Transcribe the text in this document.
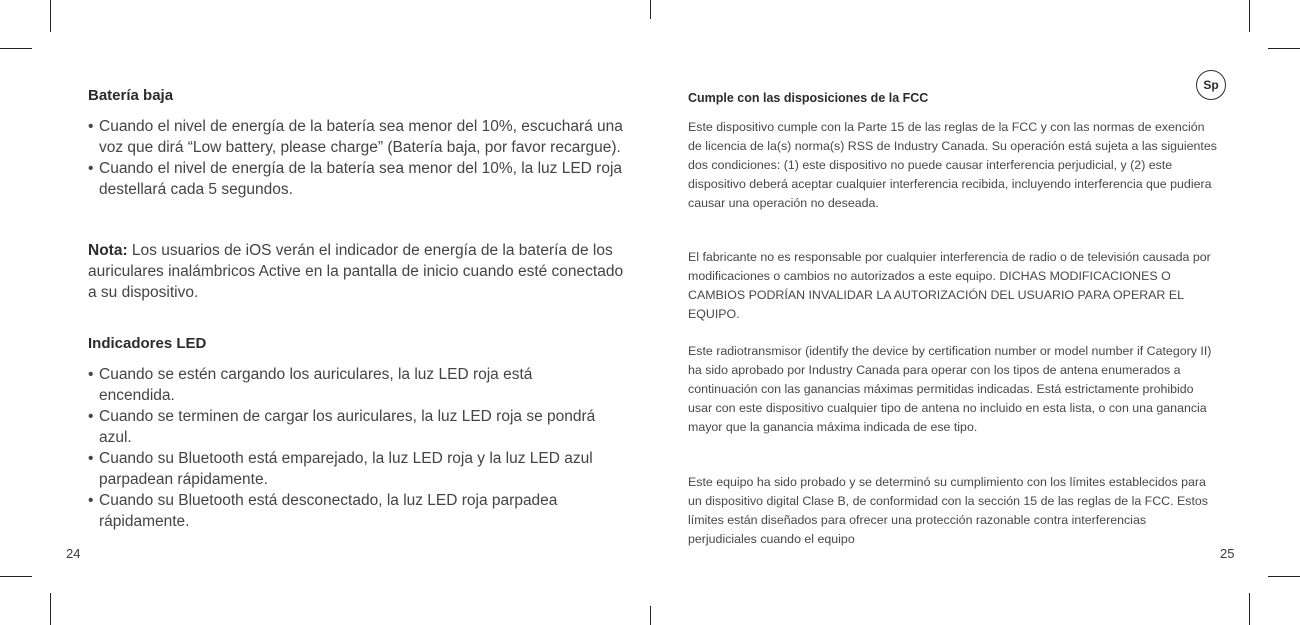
Batería baja
• Cuando el nivel de energía de la batería sea menor del 10%, escuchará una voz que dirá “Low battery, please charge” (Batería baja, por favor recargue).
• Cuando el nivel de energía de la batería sea menor del 10%, la luz LED roja destellará cada 5 segundos.

Nota: Los usuarios de iOS verán el indicador de energía de la batería de los auriculares inalámbricos Active en la pantalla de inicio cuando esté conectado a su dispositivo.

Indicadores LED
• Cuando se estén cargando los auriculares, la luz LED roja está encendida.
• Cuando se terminen de cargar los auriculares, la luz LED roja se pondrá azul.
• Cuando su Bluetooth está emparejado, la luz LED roja y la luz LED azul parpadean rápidamente.
• Cuando su Bluetooth está desconectado, la luz LED roja parpadea rápidamente.
24
Sp
Cumple con las disposiciones de la FCC

Este dispositivo cumple con la Parte 15 de las reglas de la FCC y con las normas de exención de licencia de la(s) norma(s) RSS de Industry Canada. Su operación está sujeta a las siguientes dos condiciones: (1) este dispositivo no puede causar interferencia perjudicial, y (2) este dispositivo deberá aceptar cualquier interferencia recibida, incluyendo interferencia que pudiera causar una operación no deseada.

El fabricante no es responsable por cualquier interferencia de radio o de televisión causada por modificaciones o cambios no autorizados a este equipo. DICHAS MODIFICACIONES O CAMBIOS PODRÍAN INVALIDAR LA AUTORIZACIÓN DEL USUARIO PARA OPERAR EL EQUIPO.

Este radiotransmisor (identify the device by certification number or model number if Category II) ha sido aprobado por Industry Canada para operar con los tipos de antena enumerados a continuación con las ganancias máximas permitidas indicadas. Está estrictamente prohibido usar con este dispositivo cualquier tipo de antena no incluido en esta lista, o con una ganancia mayor que la ganancia máxima indicada de ese tipo.

Este equipo ha sido probado y se determinó su cumplimiento con los límites establecidos para un dispositivo digital Clase B, de conformidad con la sección 15 de las reglas de la FCC. Estos límites están diseñados para ofrecer una protección razonable contra interferencias perjudiciales cuando el equipo

25
